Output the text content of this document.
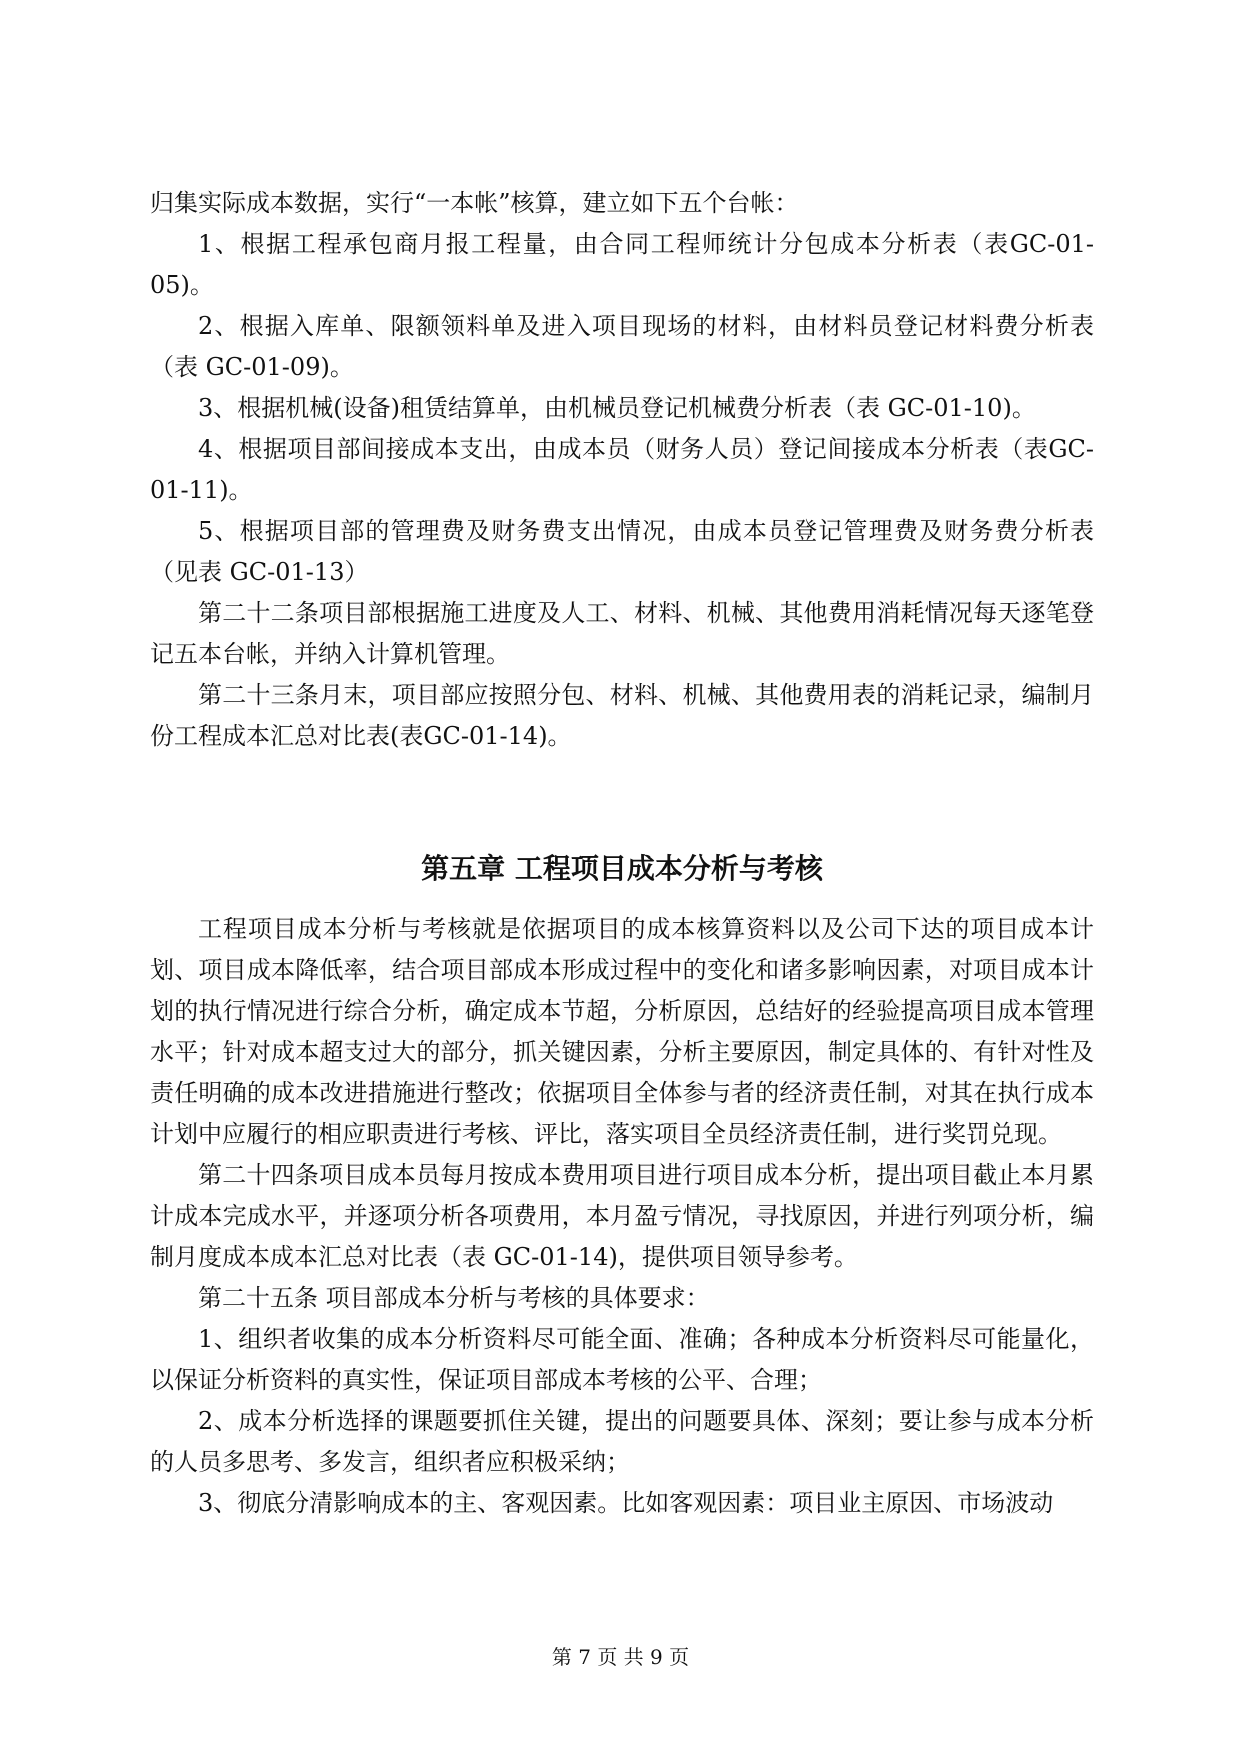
归集实际成本数据，实行“一本帐”核算，建立如下五个台帐：

1、根据工程承包商月报工程量，由合同工程师统计分包成本分析表（表GC-01-05)。

2、根据入库单、限额领料单及进入项目现场的材料，由材料员登记材料费分析表（表 GC-01-09)。

3、根据机械(设备)租赁结算单，由机械员登记机械费分析表（表 GC-01-10)。

4、根据项目部间接成本支出，由成本员（财务人员）登记间接成本分析表（表GC-01-11)。

5、根据项目部的管理费及财务费支出情况，由成本员登记管理费及财务费分析表（见表 GC-01-13）

第二十二条项目部根据施工进度及人工、材料、机械、其他费用消耗情况每天逐笔登记五本台帐，并纳入计算机管理。

第二十三条月末，项目部应按照分包、材料、机械、其他费用表的消耗记录，编制月份工程成本汇总对比表(表GC-01-14)。

第五章 工程项目成本分析与考核

工程项目成本分析与考核就是依据项目的成本核算资料以及公司下达的项目成本计划、项目成本降低率，结合项目部成本形成过程中的变化和诸多影响因素，对项目成本计划的执行情况进行综合分析，确定成本节超，分析原因，总结好的经验提高项目成本管理水平；针对成本超支过大的部分，抓关键因素，分析主要原因，制定具体的、有针对性及责任明确的成本改进措施进行整改；依据项目全体参与者的经济责任制，对其在执行成本计划中应履行的相应职责进行考核、评比，落实项目全员经济责任制，进行奖罚兑现。

第二十四条项目成本员每月按成本费用项目进行项目成本分析，提出项目截止本月累计成本完成水平，并逐项分析各项费用，本月盈亏情况，寻找原因，并进行列项分析，编制月度成本成本汇总对比表（表 GC-01-14)，提供项目领导参考。

第二十五条 项目部成本分析与考核的具体要求：

1、组织者收集的成本分析资料尽可能全面、准确；各种成本分析资料尽可能量化，以保证分析资料的真实性，保证项目部成本考核的公平、合理；

2、成本分析选择的课题要抓住关键，提出的问题要具体、深刻；要让参与成本分析的人员多思考、多发言，组织者应积极采纳；

3、彻底分清影响成本的主、客观因素。比如客观因素：项目业主原因、市场波动

第 7 页 共 9 页
